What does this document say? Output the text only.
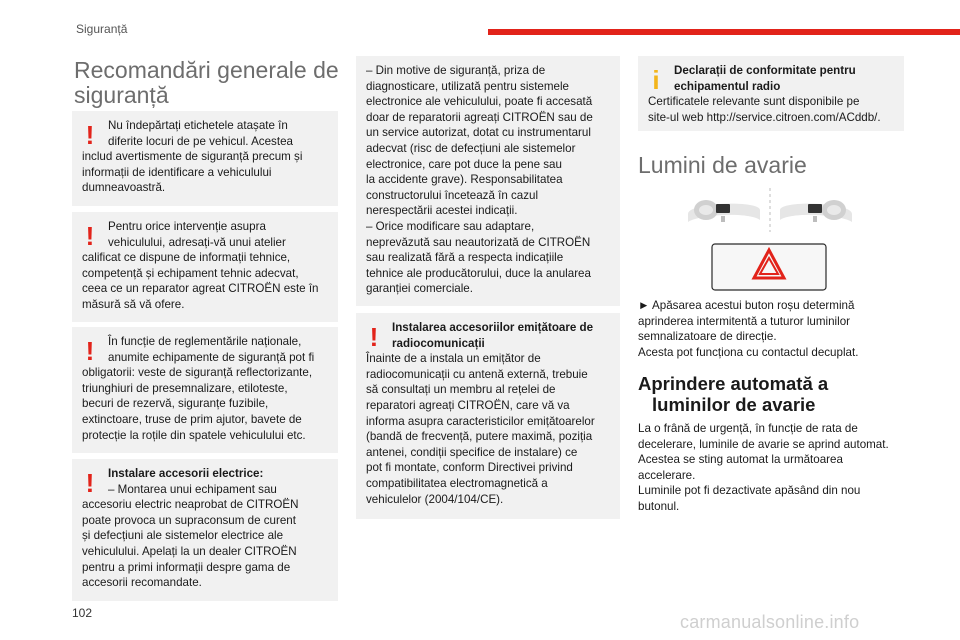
Siguranță
Recomandări generale de siguranță
!	Nu îndepărtați etichetele atașate în
diferite locuri de pe vehicul. Acestea
includ avertismente de siguranță precum și
informații de identificare a vehiculului
dumneavoastră.
!	Pentru orice intervenție asupra
vehiculului, adresați-vă unui atelier
calificat ce dispune de informații tehnice,
competență și echipament tehnic adecvat,
ceea ce un reparator agreat CITROËN este în
măsură să vă ofere.
!	În funcție de reglementările naționale,
anumite echipamente de siguranță pot fi
obligatorii: veste de siguranță reflectorizante,
triunghiuri de presemnalizare, etiloteste,
becuri de rezervă, siguranțe fuzibile,
extinctoare, truse de prim ajutor, bavete de
protecție la roțile din spatele vehiculului etc.
!	Instalare accesorii electrice:
– Montarea unui echipament sau
accesoriu electric neaprobat de CITROËN
poate provoca un supraconsum de curent
și defecțiuni ale sistemelor electrice ale
vehiculului. Apelați la un dealer CITROËN
pentru a primi informații despre gama de
accesorii recomandate.
– Din motive de siguranță, priza de
diagnosticare, utilizată pentru sistemele
electronice ale vehiculului, poate fi accesată
doar de reparatorii agreați CITROËN sau de
un service autorizat, dotat cu instrumentarul
adecvat (risc de defecțiuni ale sistemelor
electronice, care pot duce la pene sau
la accidente grave). Responsabilitatea
constructorului încetează în cazul
nerespectării acestei indicații.
– Orice modificare sau adaptare,
neprevăzută sau neautorizată de CITROËN
sau realizată fără a respecta indicațiile
tehnice ale producătorului, duce la anularea
garanției comerciale.
!	Instalarea accesoriilor emițătoare de
radiocomunicații
Înainte de a instala un emițător de
radiocomunicații cu antenă externă, trebuie
să consultați un membru al rețelei de
reparatori agreați CITROËN, care vă va
informa asupra caracteristicilor emițătoarelor
(bandă de frecvență, putere maximă, poziția
antenei, condiții specifice de instalare) ce
pot fi montate, conform Directivei privind
compatibilitatea electromagnetică a
vehiculelor (2004/104/CE).
i	Declarații de conformitate pentru
echipamentul radio
Certificatele relevante sunt disponibile pe
site-ul web http://service.citroen.com/ACddb/.
Lumini de avarie
► Apăsarea acestui buton roșu determină
aprinderea intermitentă a tuturor luminilor
semnalizatoare de direcție.
Acesta pot funcționa cu contactul decuplat.
Aprindere automată a
luminilor de avarie
La o frână de urgență, în funcție de rata de
decelerare, luminile de avarie se aprind automat.
Acestea se sting automat la următoarea
accelerare.
Luminile pot fi dezactivate apăsând din nou
butonul.
102	carmanualsonline.info
